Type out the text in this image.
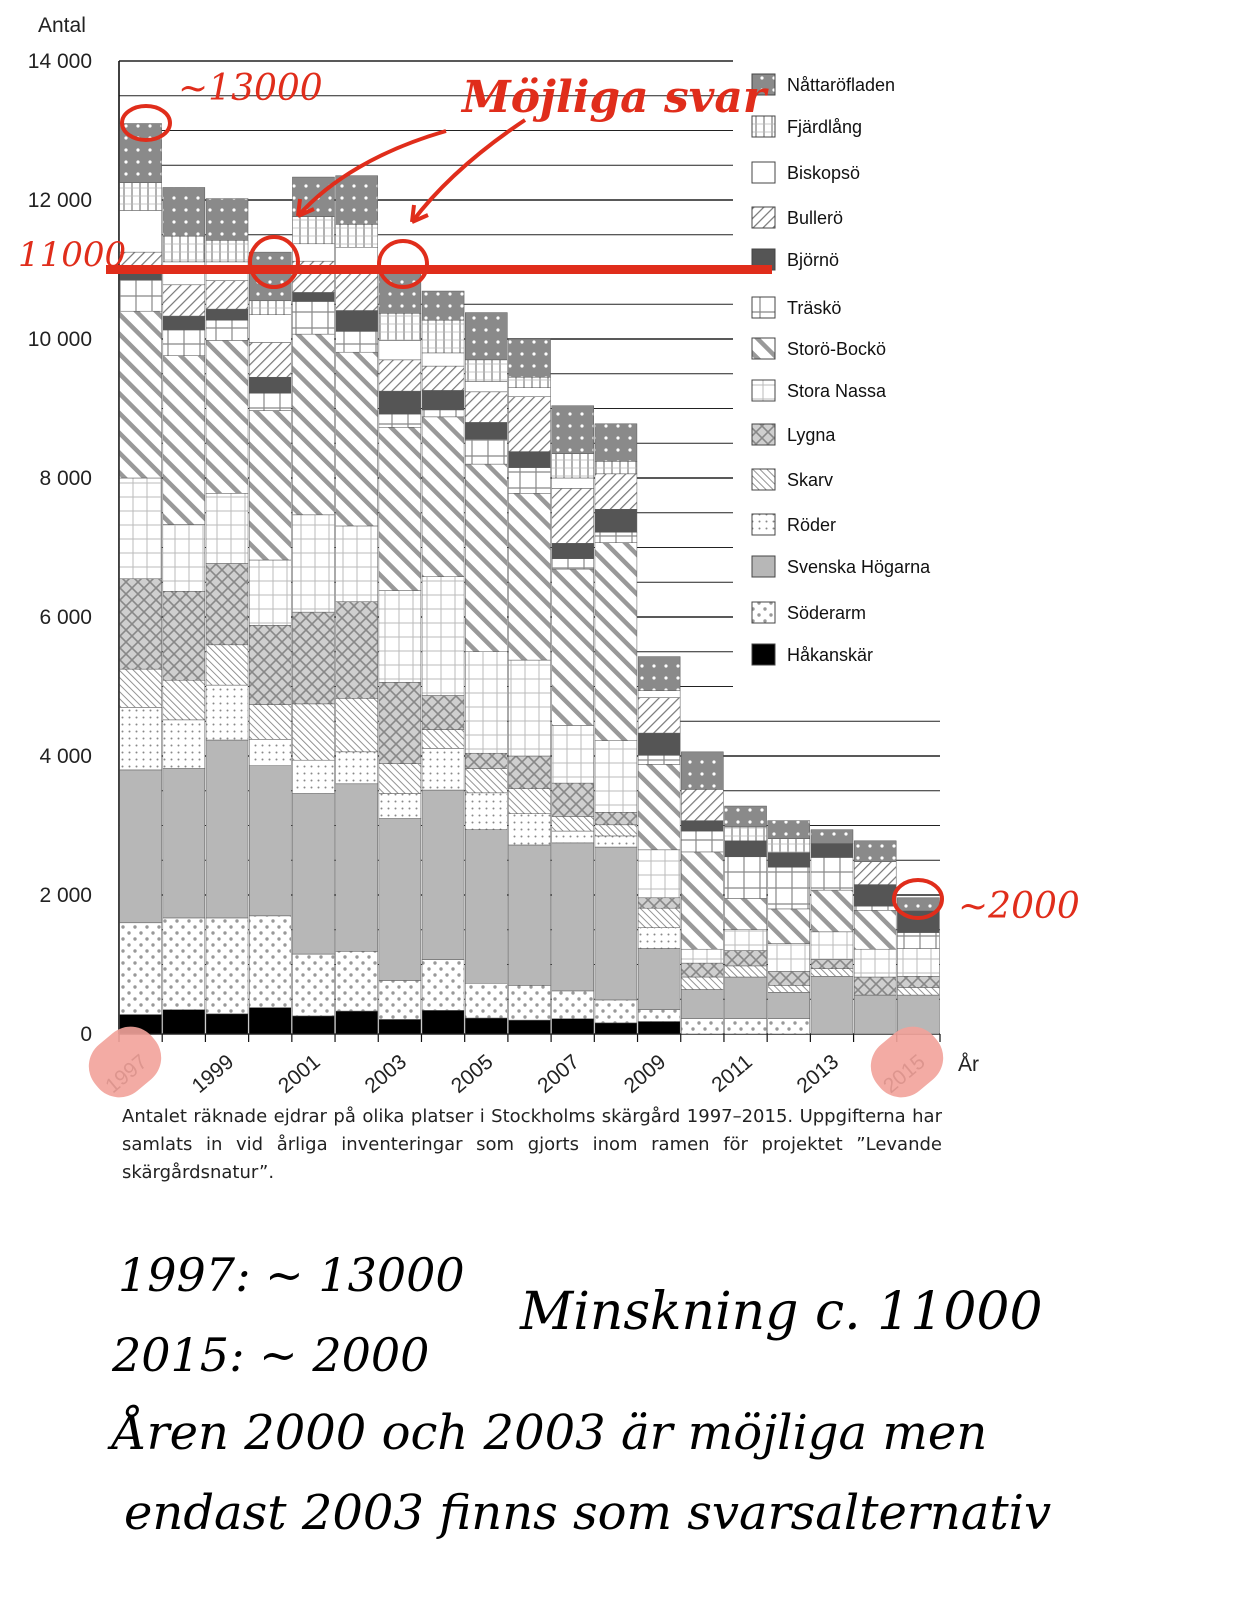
0
2 000
4 000
6 000
8 000
10 000
12 000
14 000
1999 2001 2003 2005 2007 2009 2011 2013
Nåttaröfladen
Fjärdlång
Biskopsö
Bullerö
Björnö
Träskö
Storö-Bockö
Stora Nassa
Lygna
Skarv
Röder
Svenska Högarna
Söderarm
Håkanskär
Antal
År
~13000	Möjliga svar
11000
~2000

Antalet räknade ejdrar på olika platser i Stockholms skärgård 1997–2015. Uppgifterna har samlats in vid årliga inventeringar som gjorts inom ramen för projektet ”Levande skärgårdsnatur”.

1997: ~ 13000

2015: ~ 2000

Minskning c. 11000

Åren 2000 och 2003 är möjliga men

endast 2003 finns som svarsalternativ
